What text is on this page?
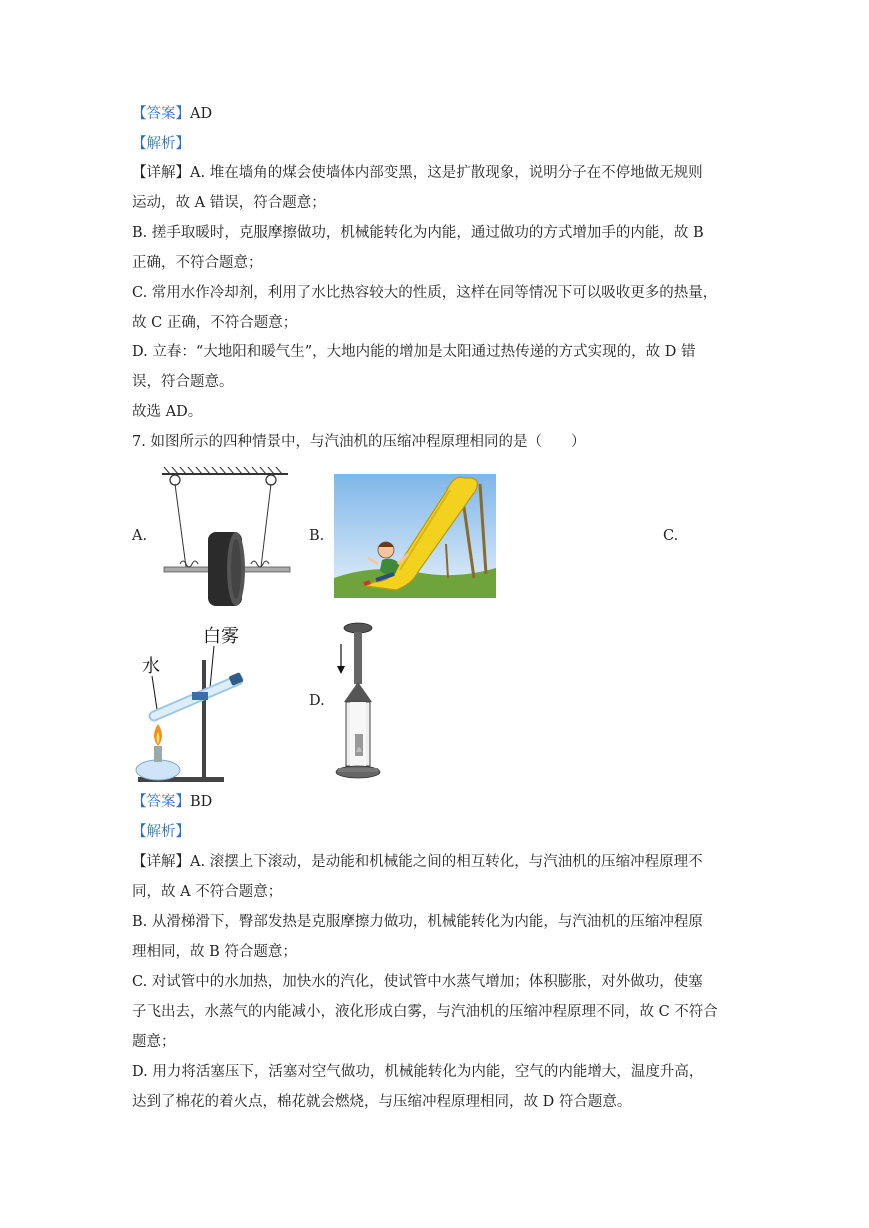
【答案】AD
【解析】
【详解】A. 堆在墙角的煤会使墙体内部变黑，这是扩散现象，说明分子在不停地做无规则
运动，故 A 错误，符合题意；
B. 搓手取暖时，克服摩擦做功，机械能转化为内能，通过做功的方式增加手的内能，故 B
正确，不符合题意；
C. 常用水作冷却剂，利用了水比热容较大的性质，这样在同等情况下可以吸收更多的热量，
故 C 正确，不符合题意；
D. 立春：“大地阳和暖气生”，大地内能的增加是太阳通过热传递的方式实现的，故 D 错
误，符合题意。
故选 AD。
7. 如图所示的四种情景中，与汽油机的压缩冲程原理相同的是（　　）
A.	B.	C.
D.
白雾
水
【答案】BD
【解析】
【详解】A. 滚摆上下滚动，是动能和机械能之间的相互转化，与汽油机的压缩冲程原理不
同，故 A 不符合题意；
B. 从滑梯滑下，臀部发热是克服摩擦力做功，机械能转化为内能，与汽油机的压缩冲程原
理相同，故 B 符合题意；
C. 对试管中的水加热，加快水的汽化，使试管中水蒸气增加；体积膨胀，对外做功，使塞
子飞出去，水蒸气的内能减小，液化形成白雾，与汽油机的压缩冲程原理不同，故 C 不符合
题意；
D. 用力将活塞压下，活塞对空气做功，机械能转化为内能，空气的内能增大，温度升高，
达到了棉花的着火点，棉花就会燃烧，与压缩冲程原理相同，故 D 符合题意。
